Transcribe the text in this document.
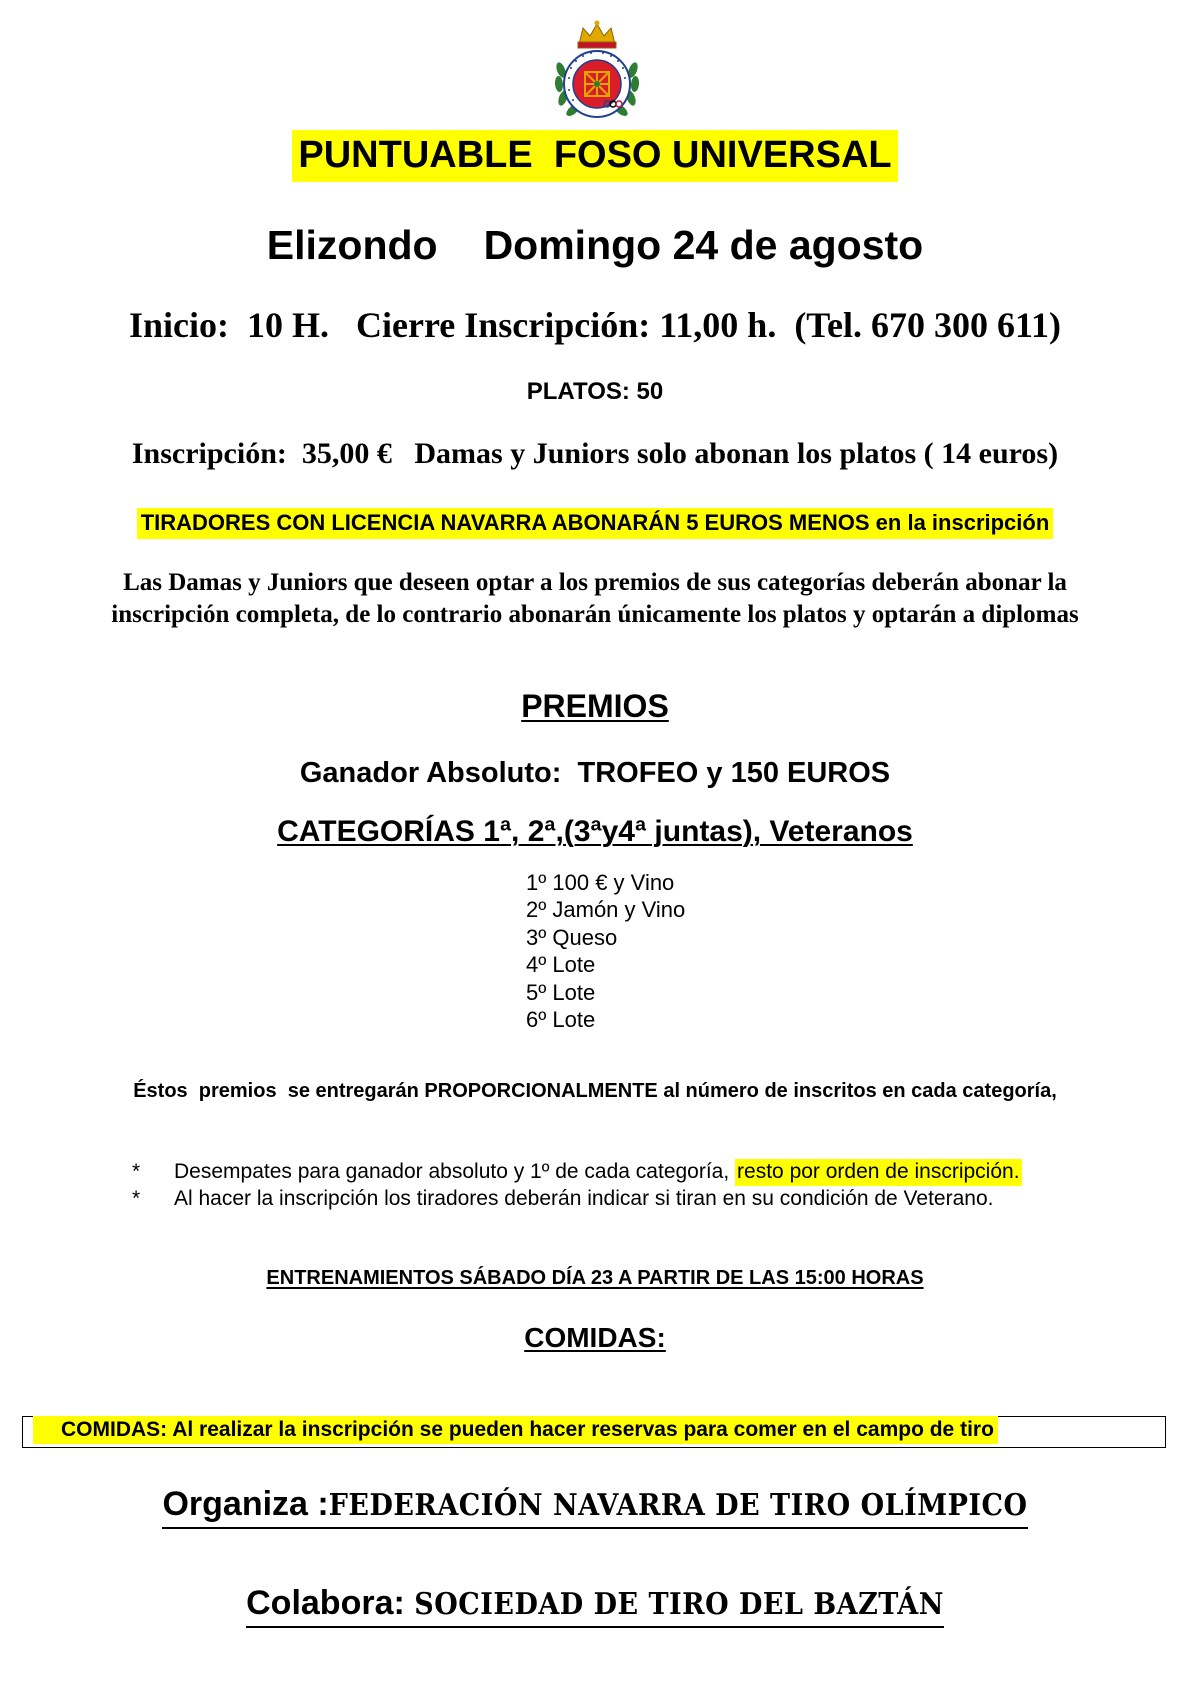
PUNTUABLE  FOSO UNIVERSAL
Elizondo Domingo 24 de agosto
Inicio:  10 H.   Cierre Inscripción: 11,00 h.  (Tel. 670 300 611)
PLATOS: 50
Inscripción:  35,00 €   Damas y Juniors solo abonan los platos ( 14 euros)
TIRADORES CON LICENCIA NAVARRA ABONARÁN 5 EUROS MENOS en la inscripción
Las Damas y Juniors que deseen optar a los premios de sus categorías deberán abonar la
inscripción completa, de lo contrario abonarán únicamente los platos y optarán a diplomas
PREMIOS
Ganador Absoluto:  TROFEO y 150 EUROS
CATEGORÍAS 1ª, 2ª,(3ªy4ª juntas), Veteranos
1º 100 € y Vino
2º Jamón y Vino
3º Queso
4º Lote
5º Lote
6º Lote
Éstos  premios  se entregarán PROPORCIONALMENTE al número de inscritos en cada categoría,
* Desempates para ganador absoluto y 1º de cada categoría, resto por orden de inscripción.
* Al hacer la inscripción los tiradores deberán indicar si tiran en su condición de Veterano.
ENTRENAMIENTOS SÁBADO DÍA 23 A PARTIR DE LAS 15:00 HORAS
COMIDAS:
COMIDAS: Al realizar la inscripción se pueden hacer reservas para comer en el campo de tiro
Organiza :FEDERACIÓN NAVARRA DE TIRO OLÍMPICO
Colabora: SOCIEDAD DE TIRO DEL BAZTÁN
